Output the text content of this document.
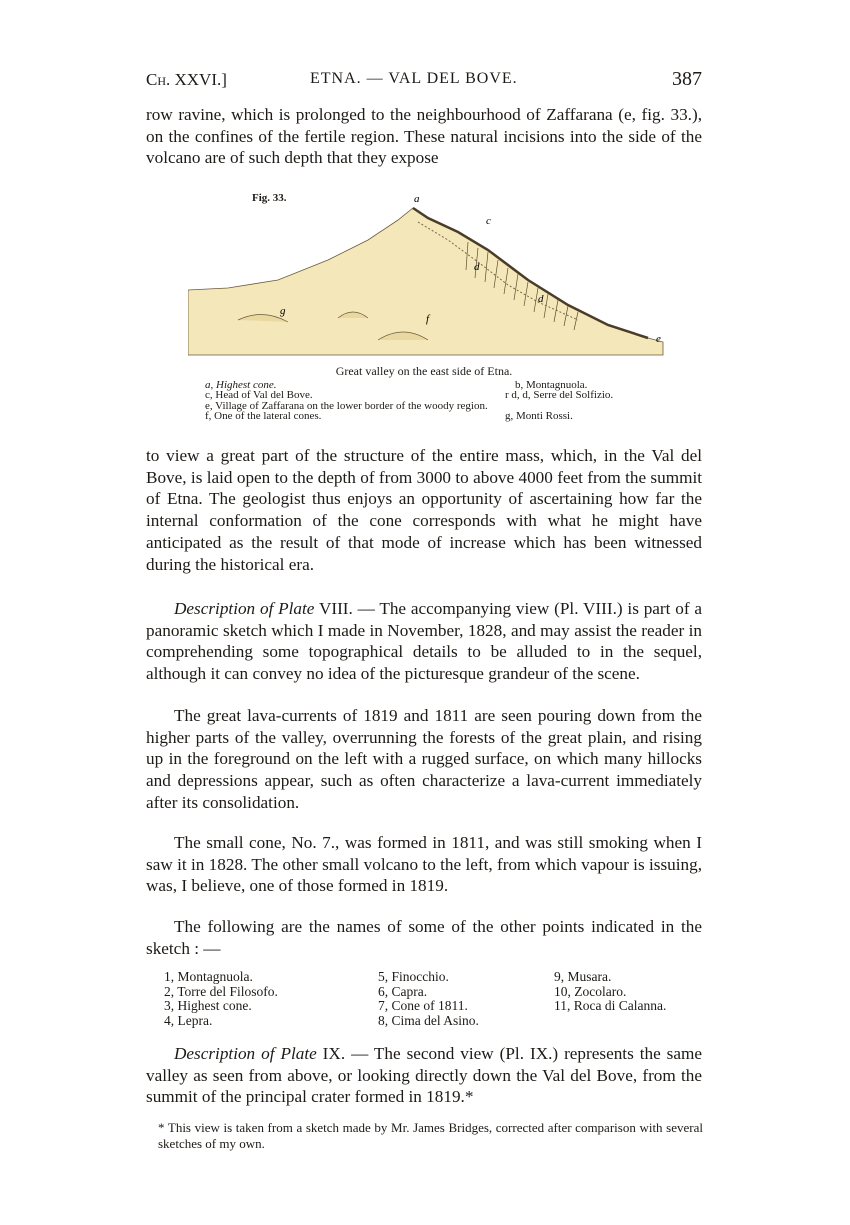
Ch. XXVI.]	ETNA. — VAL DEL BOVE.	387

row ravine, which is prolonged to the neighbourhood of Zaffarana (e, fig. 33.), on the confines of the fertile region. These natural incisions into the side of the volcano are of such depth that they expose

a
c
d
d
e
g
f
Fig. 33.
Great valley on the east side of Etna.
a, Highest cone.	b, Montagnuola.
c, Head of Val del Bove.	r d, d, Serre del Solfizio.
e, Village of Zaffarana on the lower border of the woody region.
f, One of the lateral cones.	g, Monti Rossi.

to view a great part of the structure of the entire mass, which, in the Val del Bove, is laid open to the depth of from 3000 to above 4000 feet from the summit of Etna. The geologist thus enjoys an opportunity of ascertaining how far the internal conformation of the cone corresponds with what he might have anticipated as the result of that mode of increase which has been witnessed during the historical era.

Description of Plate VIII. — The accompanying view (Pl. VIII.) is part of a panoramic sketch which I made in November, 1828, and may assist the reader in comprehending some topographical details to be alluded to in the sequel, although it can convey no idea of the picturesque grandeur of the scene.

The great lava-currents of 1819 and 1811 are seen pouring down from the higher parts of the valley, overrunning the forests of the great plain, and rising up in the foreground on the left with a rugged surface, on which many hillocks and depressions appear, such as often characterize a lava-current immediately after its consolidation.

The small cone, No. 7., was formed in 1811, and was still smoking when I saw it in 1828. The other small volcano to the left, from which vapour is issuing, was, I believe, one of those formed in 1819.

The following are the names of some of the other points indicated in the sketch : —

1, Montagnuola.
2, Torre del Filosofo.
3, Highest cone.
4, Lepra.
5, Finocchio.
6, Capra.
7, Cone of 1811.
8, Cima del Asino.
9, Musara.
10, Zocolaro.
11, Roca di Calanna.

Description of Plate IX. — The second view (Pl. IX.) represents the same valley as seen from above, or looking directly down the Val del Bove, from the summit of the principal crater formed in 1819.*

* This view is taken from a sketch made by Mr. James Bridges, corrected after comparison with several sketches of my own.
